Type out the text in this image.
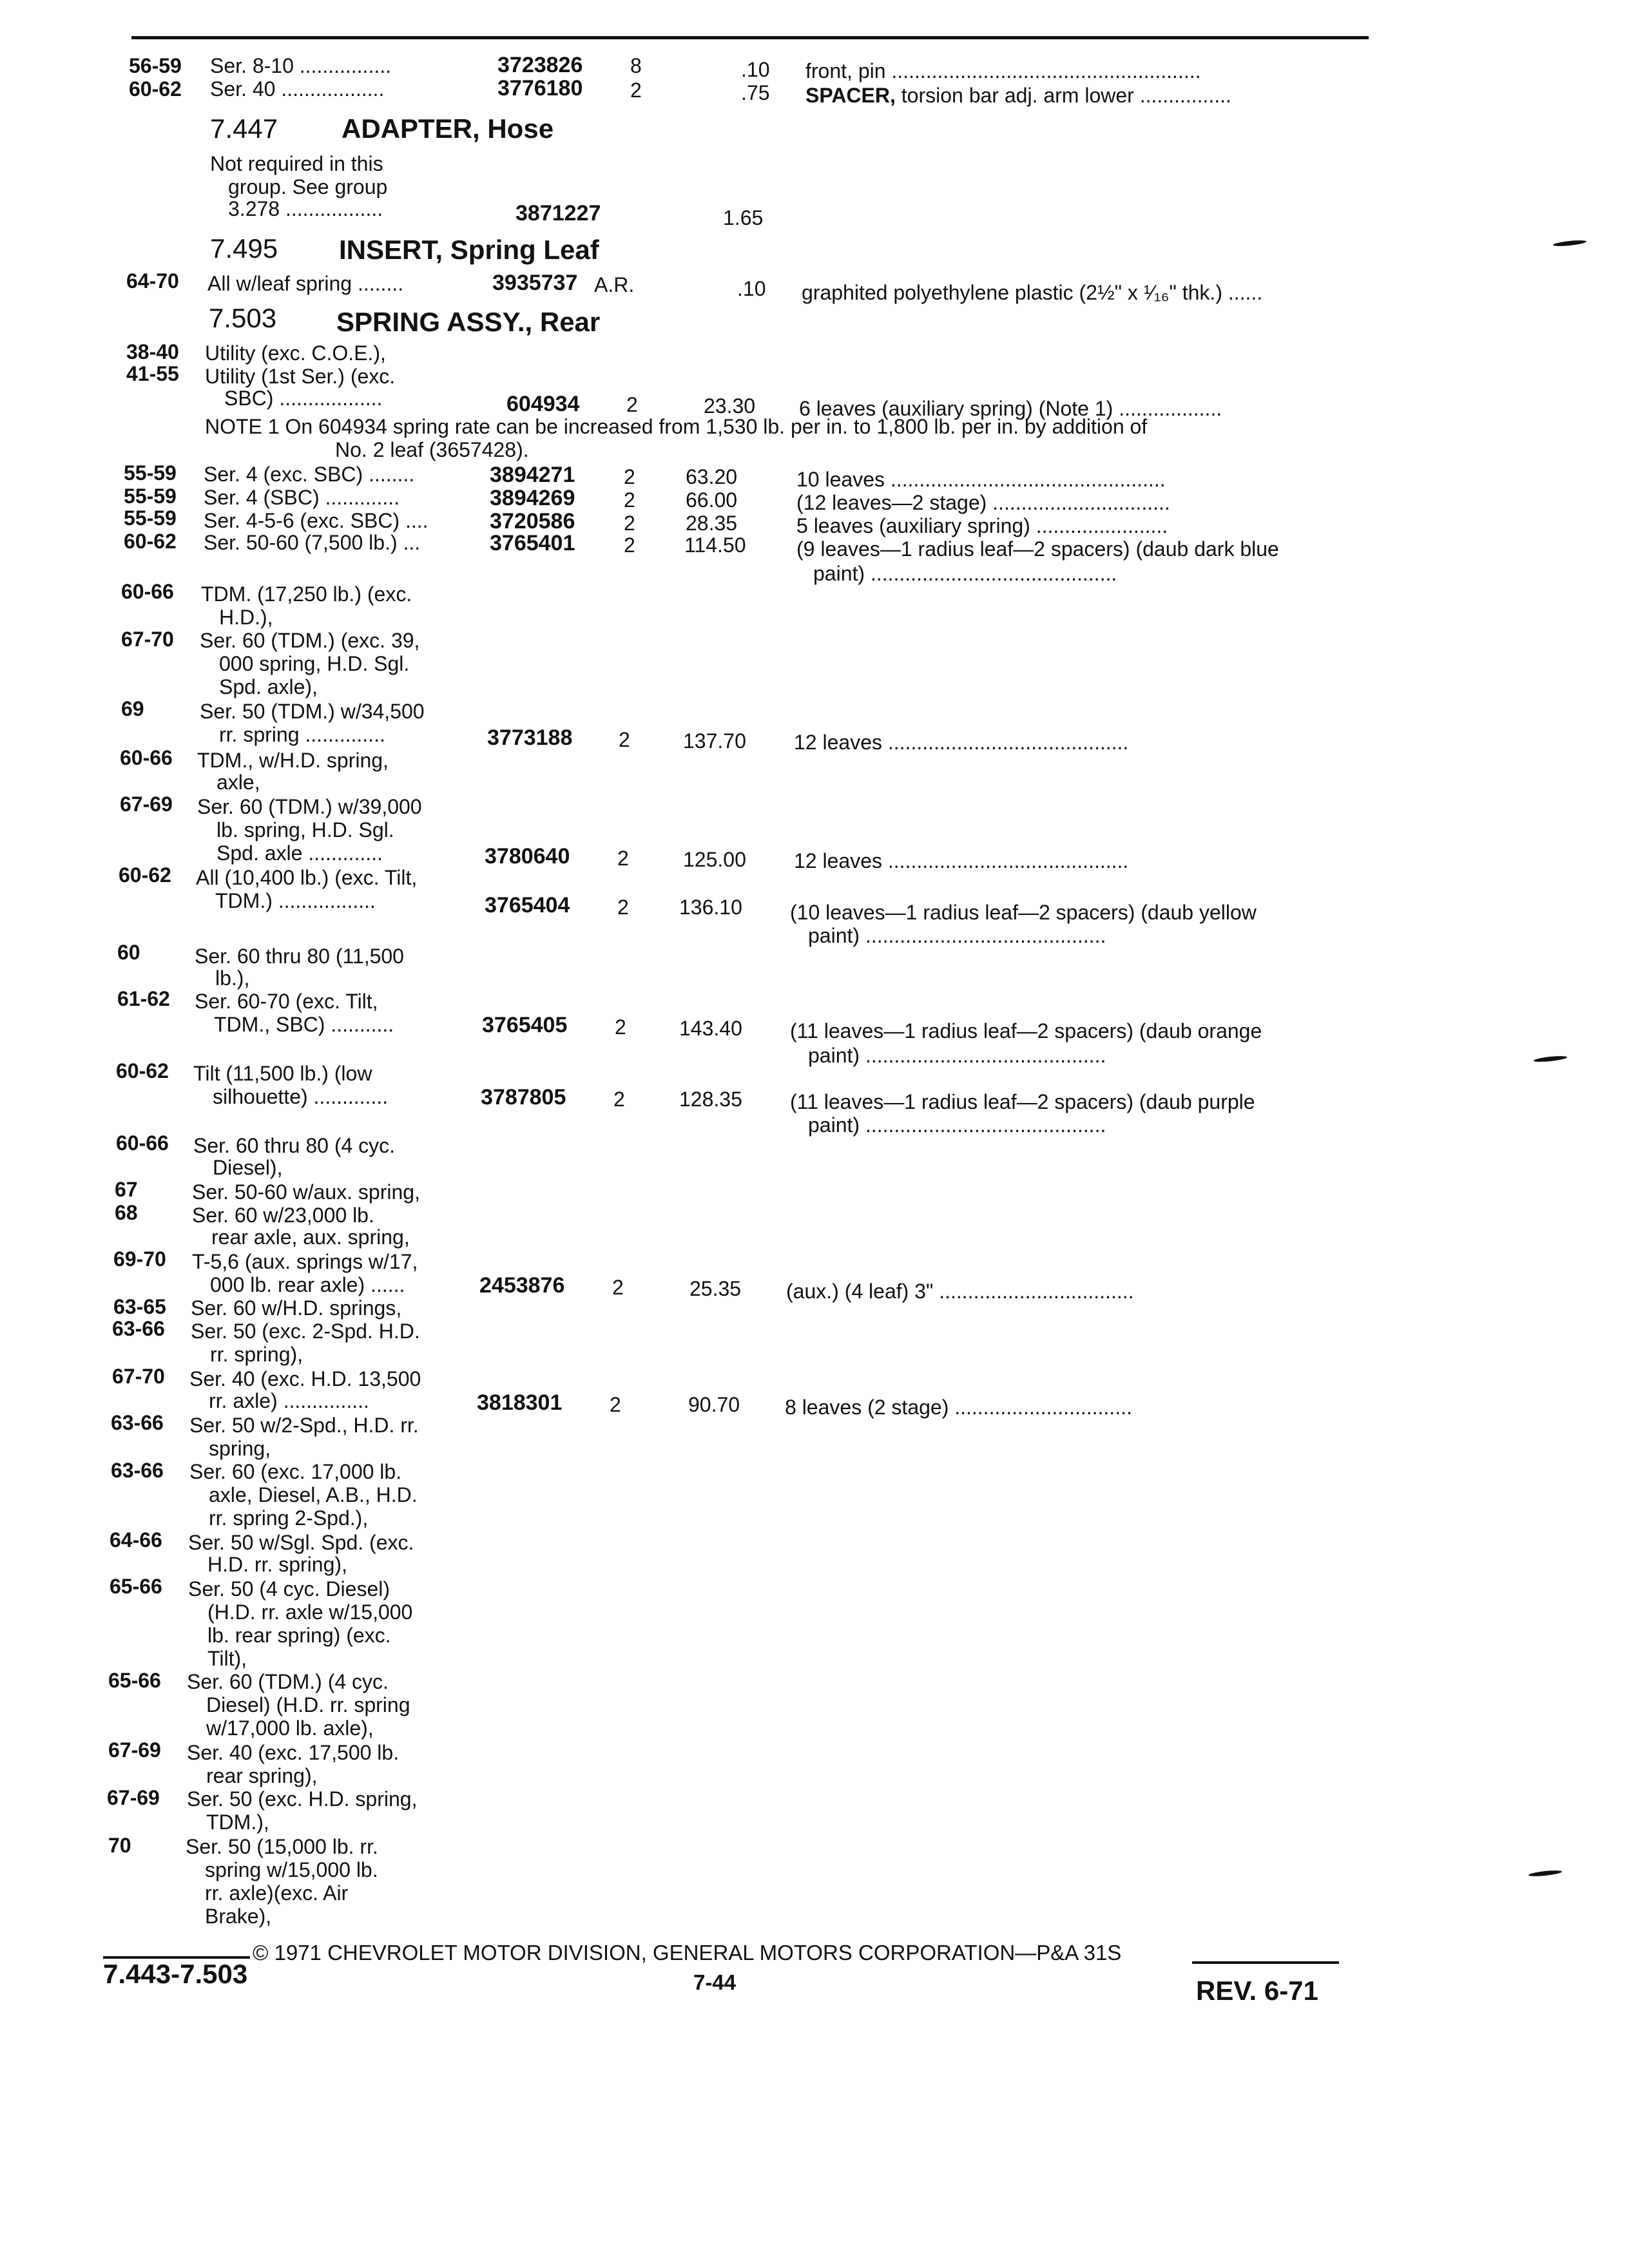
56-59 Ser. 8-10 ................	3723826 8	.10 front, pin ......................................................
60-62 Ser. 40 ..................	3776180 2	.75 SPACER, torsion bar adj. arm lower ................
7.447 ADAPTER, Hose
Not required in this
group. See group
3.278 .................	3871227	1.65
7.495 INSERT, Spring Leaf
64-70 All w/leaf spring ........	3935737 A.R.	.10 graphited polyethylene plastic (2½" x ¹⁄₁₆" thk.) ......
7.503 SPRING ASSY., Rear
38-40 Utility (exc. C.O.E.),
41-55 Utility (1st Ser.) (exc.
SBC) ..................	604934 2	23.30 6 leaves (auxiliary spring) (Note 1) ..................
NOTE 1 On 604934 spring rate can be increased from 1,530 lb. per in. to 1,800 lb. per in. by addition of
No. 2 leaf (3657428).
55-59 Ser. 4 (exc. SBC) ........	3894271 2 63.20	10 leaves ................................................
55-59 Ser. 4 (SBC) .............	3894269 2 66.00	(12 leaves—2 stage) ...............................
55-59 Ser. 4-5-6 (exc. SBC) ....	3720586 2 28.35	5 leaves (auxiliary spring) .......................
60-62 Ser. 50-60 (7,500 lb.) ...	3765401 2 114.50 (9 leaves—1 radius leaf—2 spacers) (daub dark blue
paint) ...........................................
60-66 TDM. (17,250 lb.) (exc.
H.D.),
67-70 Ser. 60 (TDM.) (exc. 39,
000 spring, H.D. Sgl.
Spd. axle),
69	Ser. 50 (TDM.) w/34,500
rr. spring ..............	3773188 2	137.70 12 leaves ..........................................
60-66 TDM., w/H.D. spring,
axle,
67-69 Ser. 60 (TDM.) w/39,000
lb. spring, H.D. Sgl.
Spd. axle .............	3780640 2	125.00 12 leaves ..........................................
60-62 All (10,400 lb.) (exc. Tilt,
TDM.) .................	3765404 2 136.10 (10 leaves—1 radius leaf—2 spacers) (daub yellow
paint) ..........................................
60	Ser. 60 thru 80 (11,500
lb.),
61-62 Ser. 60-70 (exc. Tilt,
TDM., SBC) ...........	3765405 2	143.40 (11 leaves—1 radius leaf—2 spacers) (daub orange
paint) ..........................................
60-62 Tilt (11,500 lb.) (low
silhouette) .............	3787805 2	128.35 (11 leaves—1 radius leaf—2 spacers) (daub purple
paint) ..........................................
60-66 Ser. 60 thru 80 (4 cyc.
Diesel),
67	Ser. 50-60 w/aux. spring,
68	Ser. 60 w/23,000 lb.
rear axle, aux. spring,
69-70 T-5,6 (aux. springs w/17,
000 lb. rear axle) ......	2453876 2	25.35 (aux.) (4 leaf) 3" ..................................
63-65 Ser. 60 w/H.D. springs,
63-66 Ser. 50 (exc. 2-Spd. H.D.
rr. spring),
67-70 Ser. 40 (exc. H.D. 13,500
rr. axle) ...............	3818301 2	90.70 8 leaves (2 stage) ...............................
63-66 Ser. 50 w/2-Spd., H.D. rr.
spring,
63-66 Ser. 60 (exc. 17,000 lb.
axle, Diesel, A.B., H.D.
rr. spring 2-Spd.),
64-66 Ser. 50 w/Sgl. Spd. (exc.
H.D. rr. spring),
65-66 Ser. 50 (4 cyc. Diesel)
(H.D. rr. axle w/15,000
lb. rear spring) (exc.
Tilt),
65-66 Ser. 60 (TDM.) (4 cyc.
Diesel) (H.D. rr. spring
w/17,000 lb. axle),
67-69 Ser. 40 (exc. 17,500 lb.
rear spring),
67-69 Ser. 50 (exc. H.D. spring,
TDM.),
70	Ser. 50 (15,000 lb. rr.
spring w/15,000 lb.
rr. axle)(exc. Air
Brake),
© 1971 CHEVROLET MOTOR DIVISION, GENERAL MOTORS CORPORATION—P&A 31S
7.443-7.503	7-44	REV. 6-71
